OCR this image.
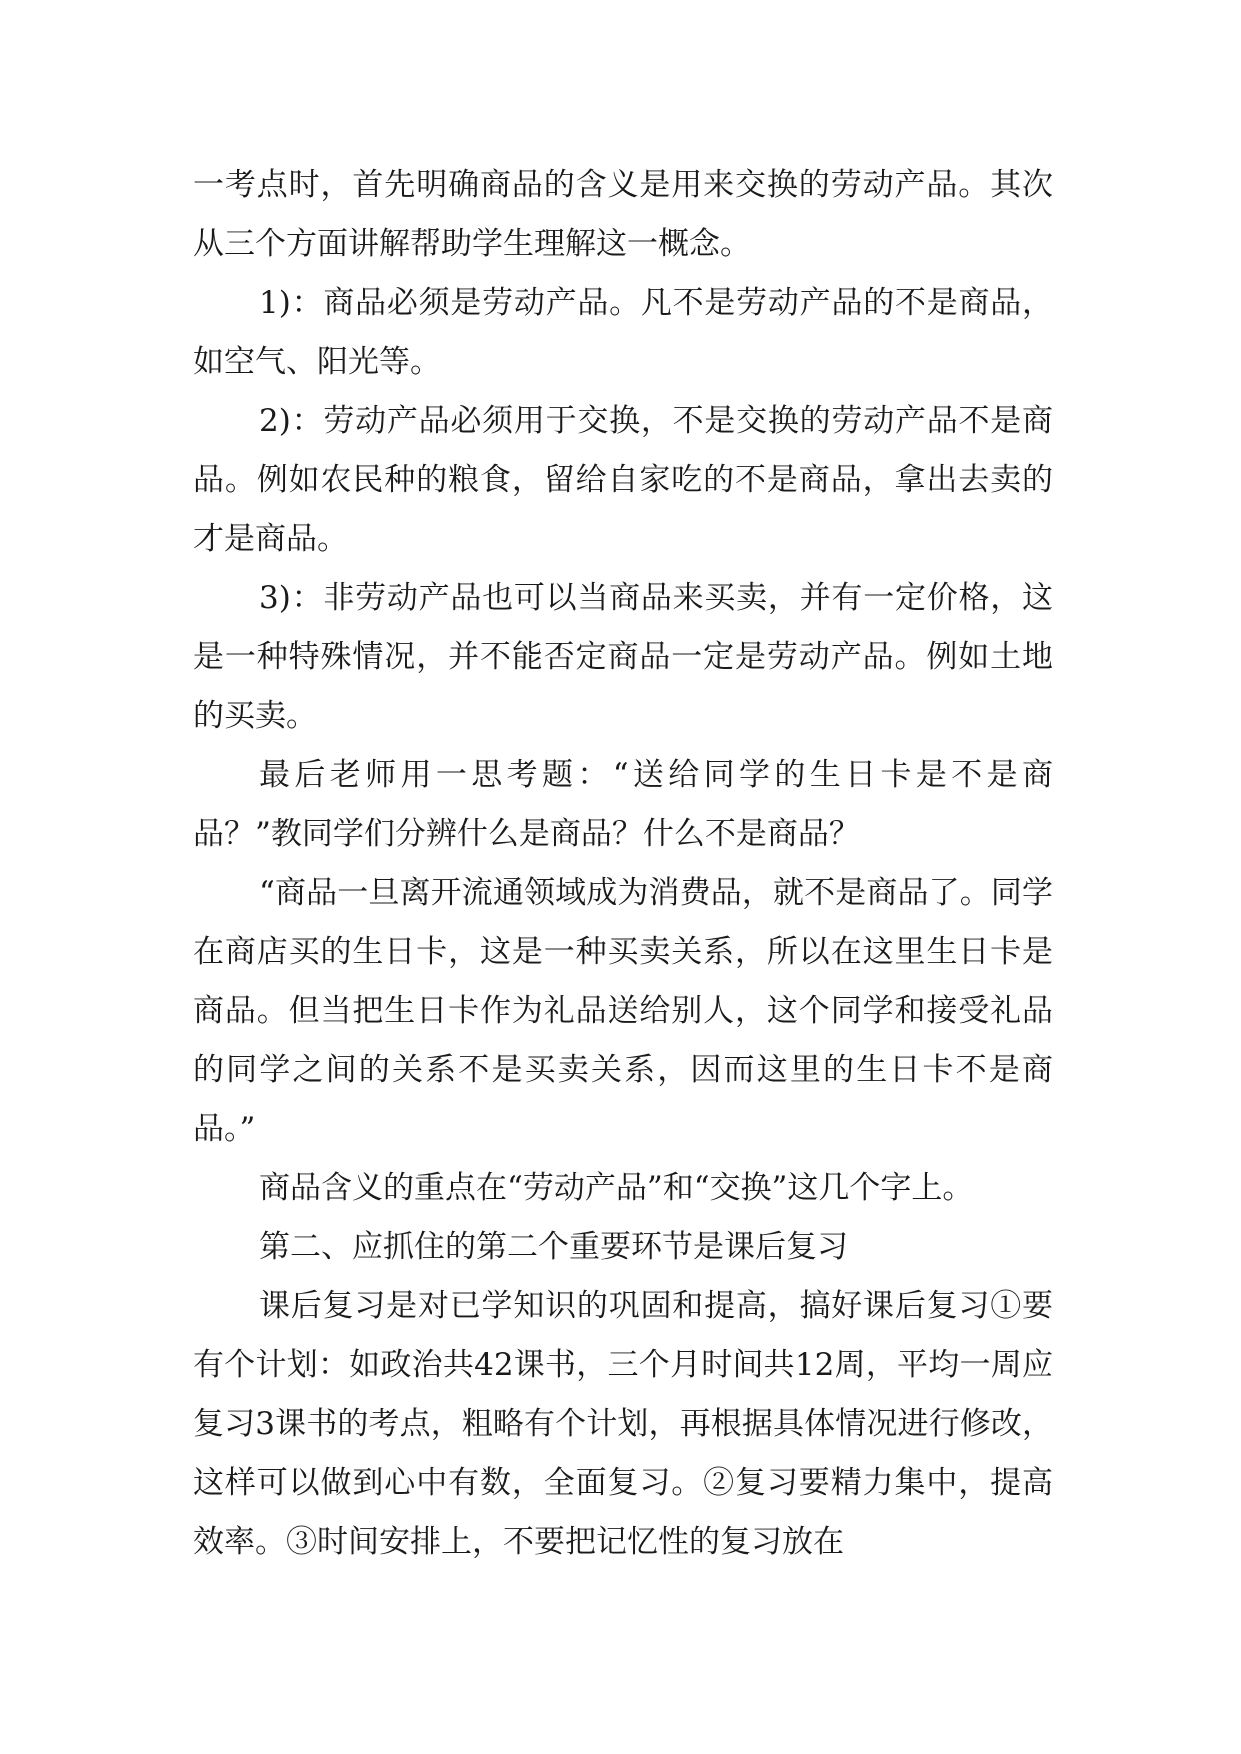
一考点时，首先明确商品的含义是用来交换的劳动产品。其次从三个方面讲解帮助学生理解这一概念。

1)：商品必须是劳动产品。凡不是劳动产品的不是商品，如空气、阳光等。

2)：劳动产品必须用于交换，不是交换的劳动产品不是商品。例如农民种的粮食，留给自家吃的不是商品，拿出去卖的才是商品。

3)：非劳动产品也可以当商品来买卖，并有一定价格，这是一种特殊情况，并不能否定商品一定是劳动产品。例如土地的买卖。

最后老师用一思考题：“送给同学的生日卡是不是商品？”教同学们分辨什么是商品？什么不是商品？

“商品一旦离开流通领域成为消费品，就不是商品了。同学在商店买的生日卡，这是一种买卖关系，所以在这里生日卡是商品。但当把生日卡作为礼品送给别人，这个同学和接受礼品的同学之间的关系不是买卖关系，因而这里的生日卡不是商品。”

商品含义的重点在“劳动产品”和“交换”这几个字上。

第二、应抓住的第二个重要环节是课后复习

课后复习是对已学知识的巩固和提高，搞好课后复习①要有个计划：如政治共42课书，三个月时间共12周，平均一周应复习3课书的考点，粗略有个计划，再根据具体情况进行修改，这样可以做到心中有数，全面复习。②复习要精力集中，提高效率。③时间安排上，不要把记忆性的复习放在
